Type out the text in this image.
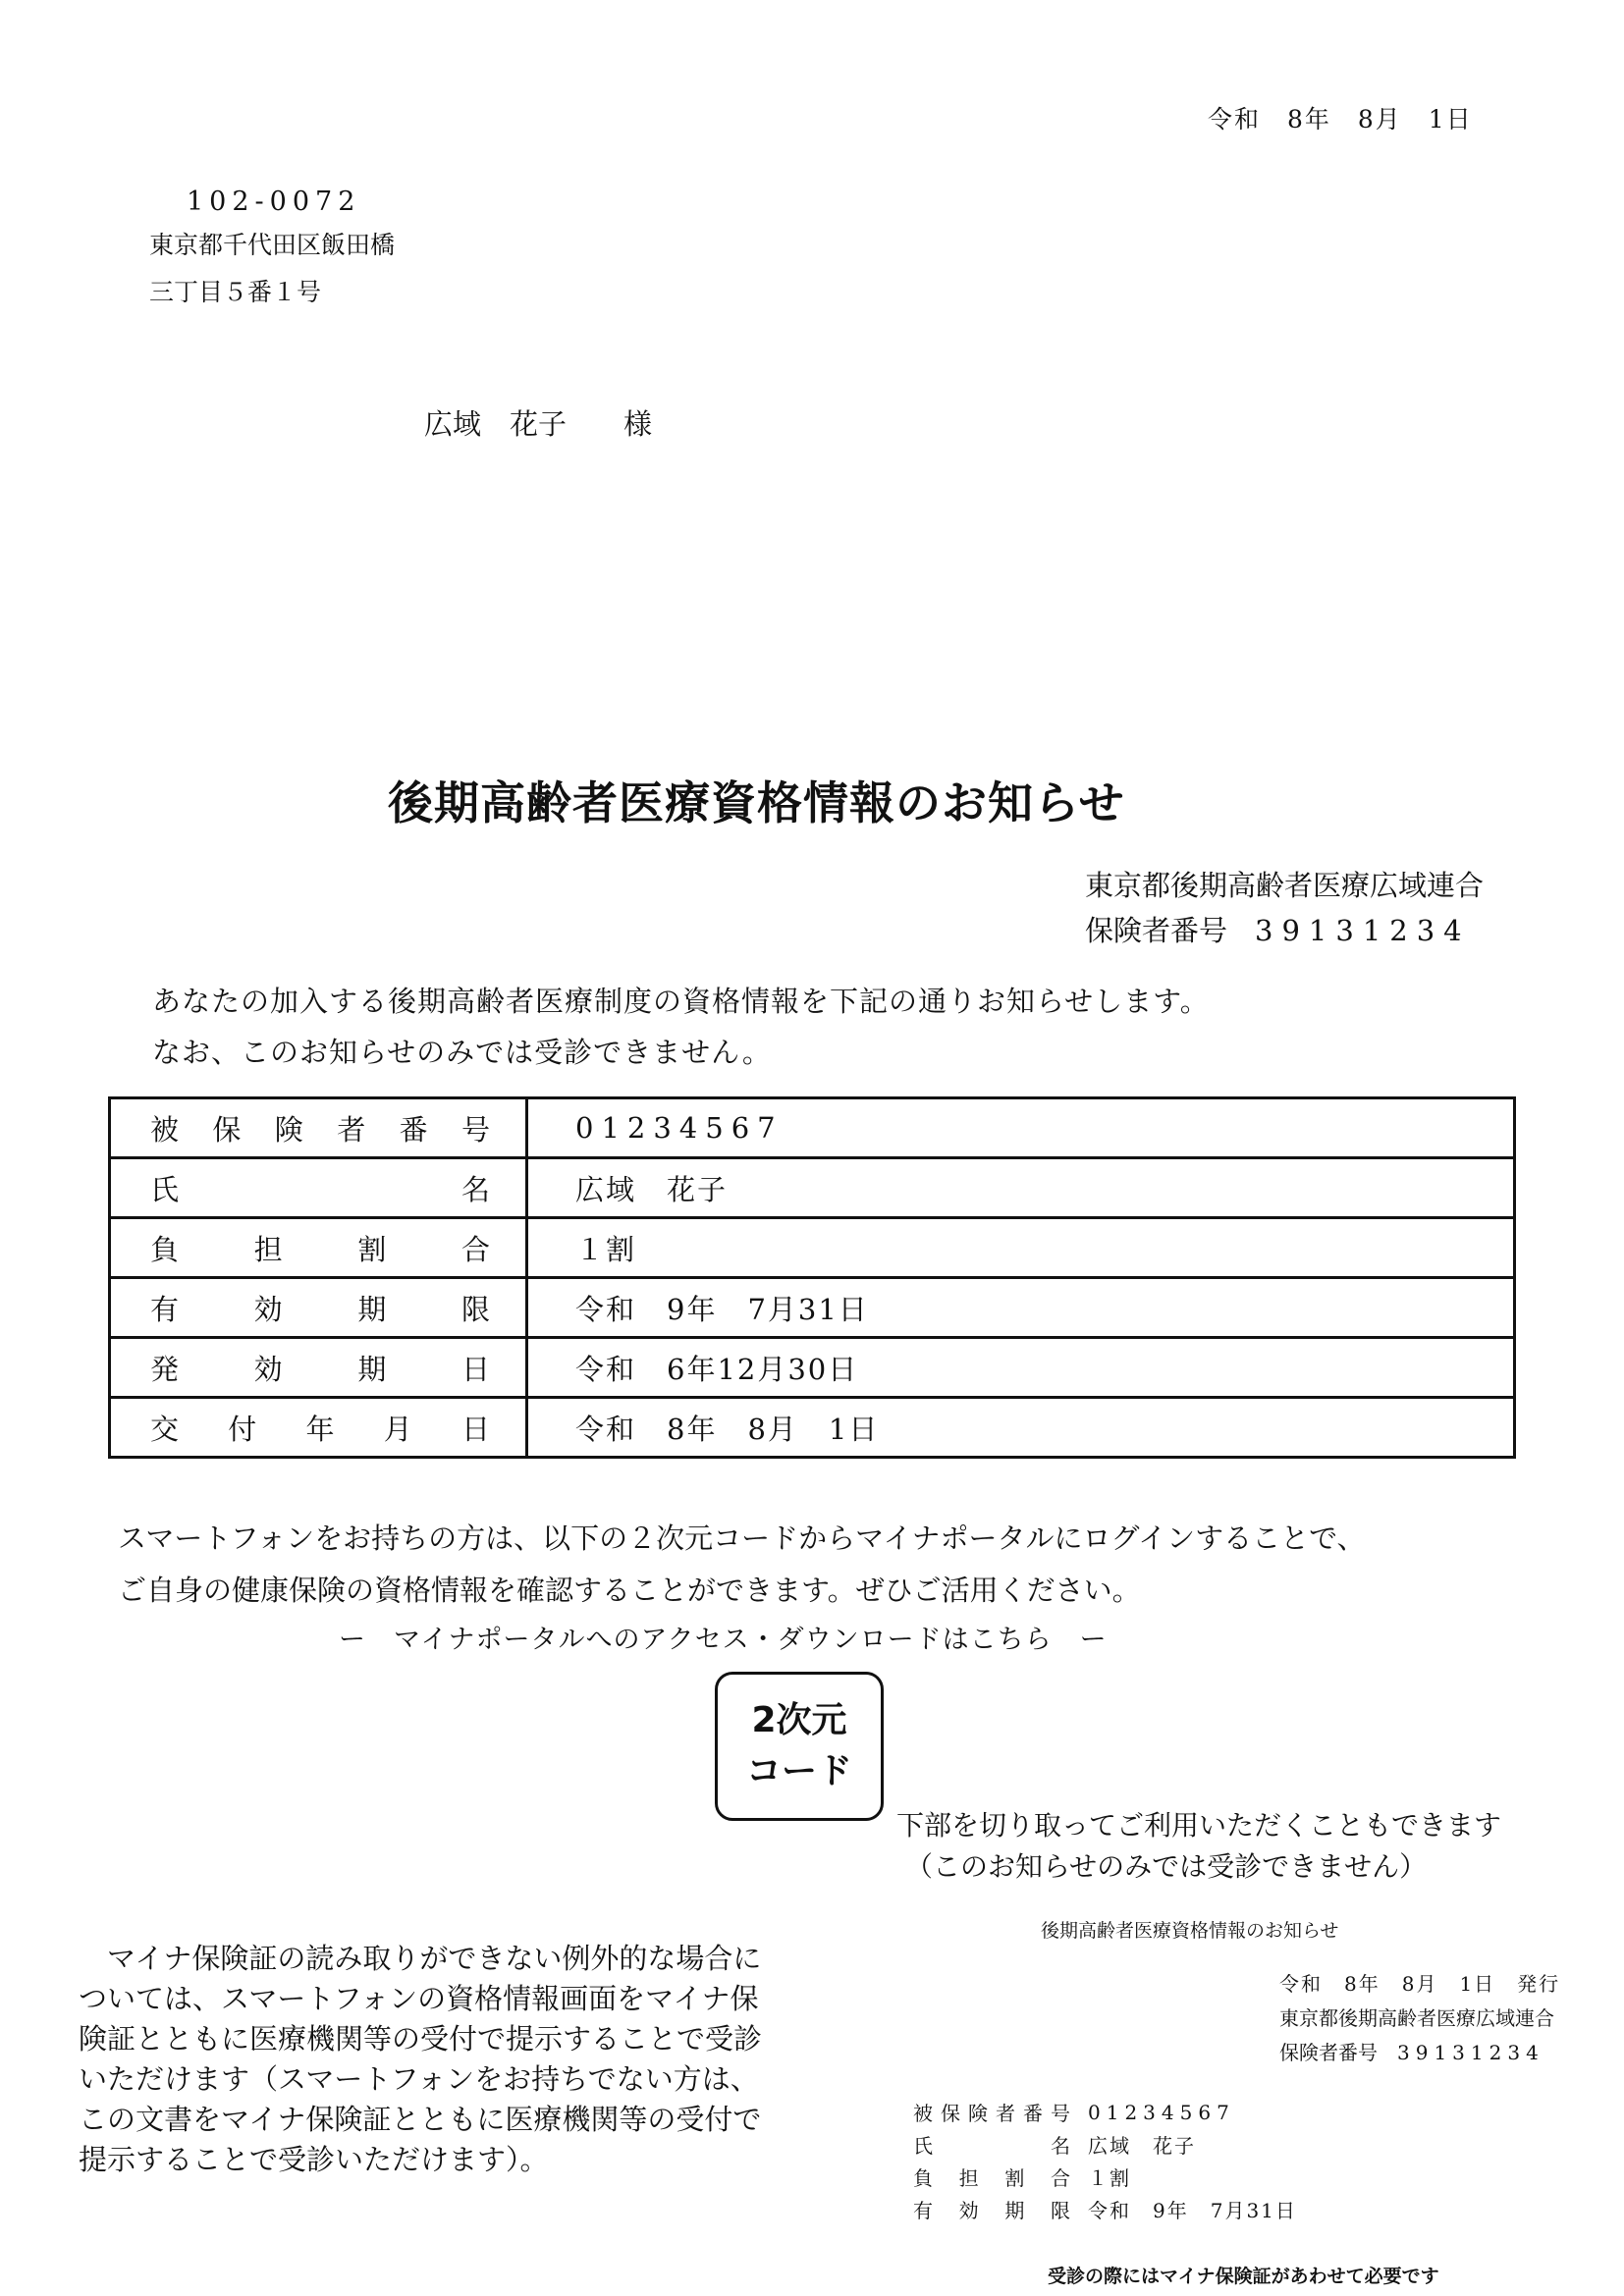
令和　8年　8月　1日
102-0072
東京都千代田区飯田橋
三丁目５番１号
広域　花子　　様
後期高齢者医療資格情報のお知らせ
東京都後期高齢者医療広域連合
保険者番号 39131234
あなたの加入する後期高齢者医療制度の資格情報を下記の通りお知らせします。
なお、このお知らせのみでは受診できません。
被保険者番号	01234567
氏名	広域　花子
負担割合	１割
有効期限	令和　9年　7月31日
発効期日	令和　6年12月30日
交付年月日	令和　8年　8月　1日
スマートフォンをお持ちの方は、以下の２次元コードからマイナポータルにログインすることで、
ご自身の健康保険の資格情報を確認することができます。ぜひご活用ください。
ー　マイナポータルへのアクセス・ダウンロードはこちら　ー
2次元
コード
下部を切り取ってご利用いただくこともできます
（このお知らせのみでは受診できません）
　マイナ保険証の読み取りができない例外的な場合に
ついては、スマートフォンの資格情報画面をマイナ保
険証とともに医療機関等の受付で提示することで受診
いただけます（スマートフォンをお持ちでない方は、
この文書をマイナ保険証とともに医療機関等の受付で
提示することで受診いただけます）。
後期高齢者医療資格情報のお知らせ
令和　8年　8月　1日　発行
東京都後期高齢者医療広域連合
保険者番号 39131234
被保険者番号 01234567
氏名 広域　花子
負担割合 １割
有効期限 令和　9年　7月31日
受診の際にはマイナ保険証があわせて必要です
